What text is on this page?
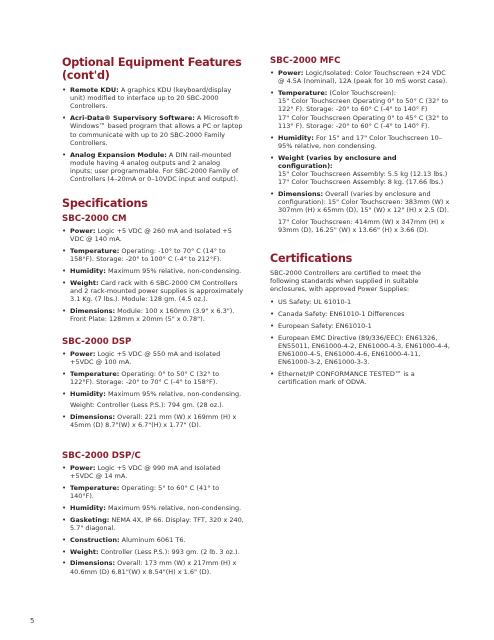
Optional Equipment Features (cont'd)
• Remote KDU: A graphics KDU (keyboard/display unit) modified to interface up to 20 SBC-2000 Controllers.
• Acri-Data® Supervisory Software: A Microsoft® Windows™ based program that allows a PC or laptop to communicate with up to 20 SBC-2000 Family Controllers.
• Analog Expansion Module: A DIN rail-mounted module having 4 analog outputs and 2 analog inputs; user programmable. For SBC-2000 Family of Controllers (4–20mA or 0–10VDC input and output).
Specifications
SBC-2000 CM
• Power: Logic +5 VDC @ 260 mA and Isolated +5 VDC @ 140 mA.
• Temperature: Operating: -10° to 70° C (14° to 158°F). Storage: -20° to 100° C (-4° to 212°F).
• Humidity: Maximum 95% relative, non-condensing.
• Weight: Card rack with 6 SBC-2000 CM Controllers and 2 rack-mounted power supplies is approximately 3.1 Kg. (7 lbs.). Module: 128 gm. (4.5 oz.).
• Dimensions: Module: 100 x 160mm (3.9" x 6.3"). Front Plate: 128mm x 20mm (5" x 0.78").
SBC-2000 DSP
• Power: Logic +5 VDC @ 550 mA and Isolated +5VDC @ 100 mA.
• Temperature: Operating: 0° to 50° C (32° to 122°F). Storage: -20° to 70° C (-4° to 158°F).
• Humidity: Maximum 95% relative, non-condensing.
Weight: Controller (Less P.S.): 794 gm. (28 oz.).
• Dimensions: Overall: 221 mm (W) x 169mm (H) x 45mm (D) 8.7"(W) x 6.7"(H) x 1.77" (D).
SBC-2000 DSP/C
• Power: Logic +5 VDC @ 990 mA and Isolated +5VDC @ 14 mA.
• Temperature: Operating: 5° to 60° C (41° to 140°F).
• Humidity: Maximum 95% relative, non-condensing.
• Gasketing: NEMA 4X, IP 66. Display: TFT, 320 x 240, 5.7" diagonal.
• Construction: Aluminum 6061 T6.
• Weight: Controller (Less P.S.): 993 gm. (2 lb. 3 oz.).
• Dimensions: Overall: 173 mm (W) x 217mm (H) x 40.6mm (D) 6.81"(W) x 8.54"(H) x 1.6" (D).
SBC-2000 MFC
• Power: Logic/Isolated: Color Touchscreen +24 VDC @ 4.5A (nominal), 12A (peak for 10 mS worst case).
• Temperature: (Color Touchscreen):
15" Color Touchscreen Operating 0° to 50° C (32° to 122° F). Storage: -20° to 60° C (-4° to 140° F)
17" Color Touchscreen Operating 0° to 45° C (32° to 113° F). Storage: -20° to 60° C (-4° to 140° F).
• Humidity: For 15" and 17" Color Touchscreen 10–95% relative, non condensing.
• Weight (varies by enclosure and configuration):
15" Color Touchscreen Assembly: 5.5 kg (12.13 lbs.)
17" Color Touchscreen Assembly: 8 kg. (17.66 lbs.)
• Dimensions: Overall (varies by enclosure and configuration): 15" Color Touchscreen: 383mm (W) x 307mm (H) x 65mm (D), 15" (W) x 12" (H) x 2.5 (D).
17" Color Touchscreen: 414mm (W) x 347mm (H) x 93mm (D), 16.25" (W) x 13.66" (H) x 3.66 (D).
Certifications

SBC-2000 Controllers are certified to meet the following standards when supplied in suitable enclosures, with approved Power Supplies:

• US Safety: UL 61010-1
• Canada Safety: EN61010-1 Differences
• European Safety: EN61010-1
• European EMC Directive (89/336/EEC): EN61326, EN55011, EN61000-4-2, EN61000-4-3, EN61000-4-4, EN61000-4-5, EN61000-4-6, EN61000-4-11, EN61000-3-2, EN61000-3-3.
• Ethernet/IP CONFORMANCE TESTED™ is a certification mark of ODVA.
5
